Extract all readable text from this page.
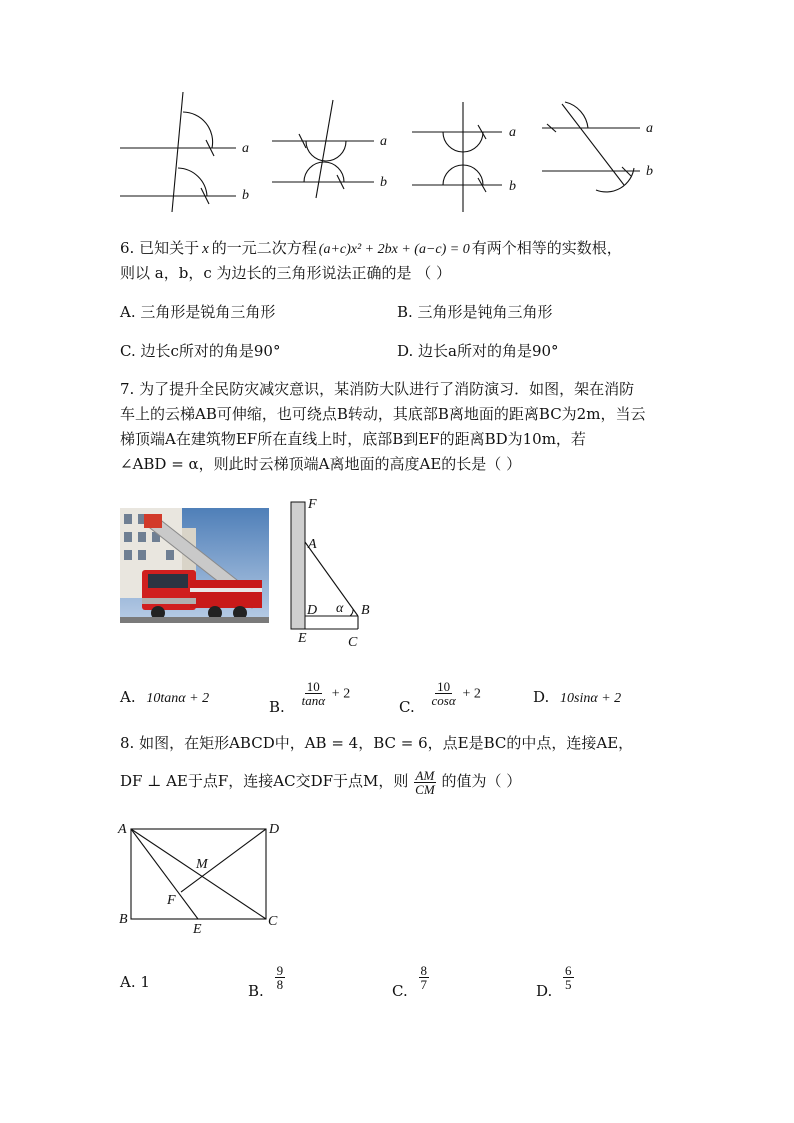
a
b
a
b
a
b
a
b
6. 已知关于 x 的一元二次方程 (a+c)x² + 2bx + (a−c) = 0 有两个相等的实数根，
则以 a，b，c 为边长的三角形说法正确的是 （ ）
A. 三角形是锐角三角形	B. 三角形是钝角三角形
C. 边长c所对的角是90°	D. 边长a所对的角是90°
7. 为了提升全民防灾减灾意识，某消防大队进行了消防演习．如图，架在消防
车上的云梯AB可伸缩，也可绕点B转动，其底部B离地面的距离BC为2m，当云
梯顶端A在建筑物EF所在直线上时，底部B到EF的距离BD为10m，若
∠ABD = α，则此时云梯顶端A离地面的高度AE的长是（ ）
F
A
D α B
E	C
A. 10tanα + 2	B. $\frac{10}{\tan\alpha} + 2$
C. $\frac{10}{\cos\alpha} + 2$	D. 10sinα + 2
8. 如图，在矩形ABCD中，AB = 4，BC = 6，点E是BC的中点，连接AE，
DF ⊥ AE于点F，连接AC交DF于点M，则 $\frac{AM}{CM}$ 的值为（ ）
A	D
M
F
B
E
C
A. 1	B. $\frac{9}{8}$	C. $\frac{8}{7}$	D. $\frac{6}{5}$
